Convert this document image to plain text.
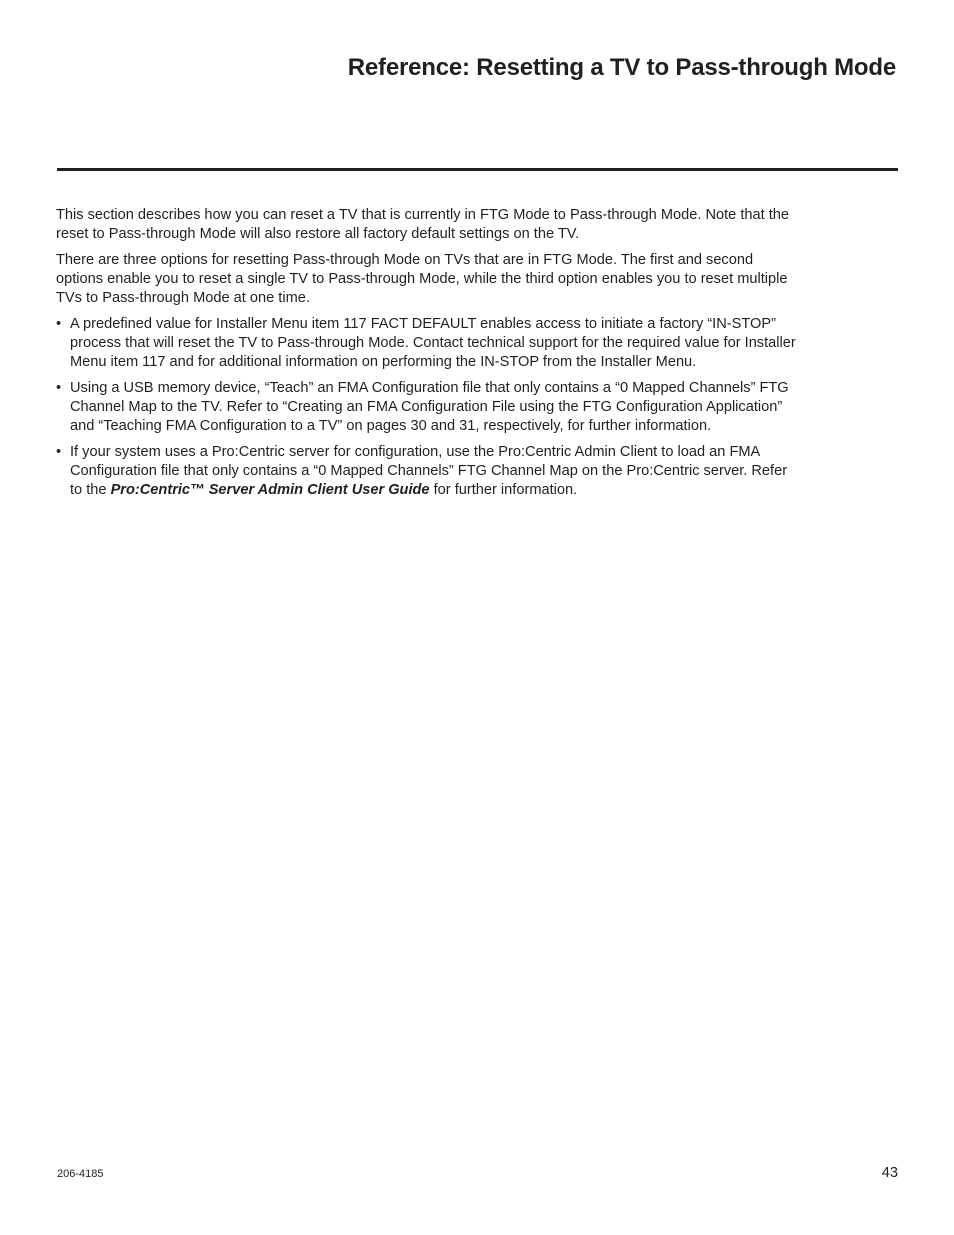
Reference: Resetting a TV to Pass-through Mode

This section describes how you can reset a TV that is currently in FTG Mode to Pass-through Mode. Note that the reset to Pass-through Mode will also restore all factory default settings on the TV.

There are three options for resetting Pass-through Mode on TVs that are in FTG Mode. The first and second options enable you to reset a single TV to Pass-through Mode, while the third option enables you to reset multiple TVs to Pass-through Mode at one time.

• A predefined value for Installer Menu item 117 FACT DEFAULT enables access to initiate a factory “IN-STOP” process that will reset the TV to Pass-through Mode. Contact technical support for the required value for Installer Menu item 117 and for additional information on performing the IN-STOP from the Installer Menu.
• Using a USB memory device, “Teach” an FMA Configuration file that only contains a “0 Mapped Channels” FTG Channel Map to the TV. Refer to “Creating an FMA Configuration File using the FTG Configuration Application” and “Teaching FMA Configuration to a TV” on pages 30 and 31, respectively, for further information.
• If your system uses a Pro:Centric server for configuration, use the Pro:Centric Admin Client to load an FMA Configuration file that only contains a “0 Mapped Channels” FTG Channel Map on the Pro:Centric server. Refer to the Pro:Centric™ Server Admin Client User Guide for further information.
206-4185	43
